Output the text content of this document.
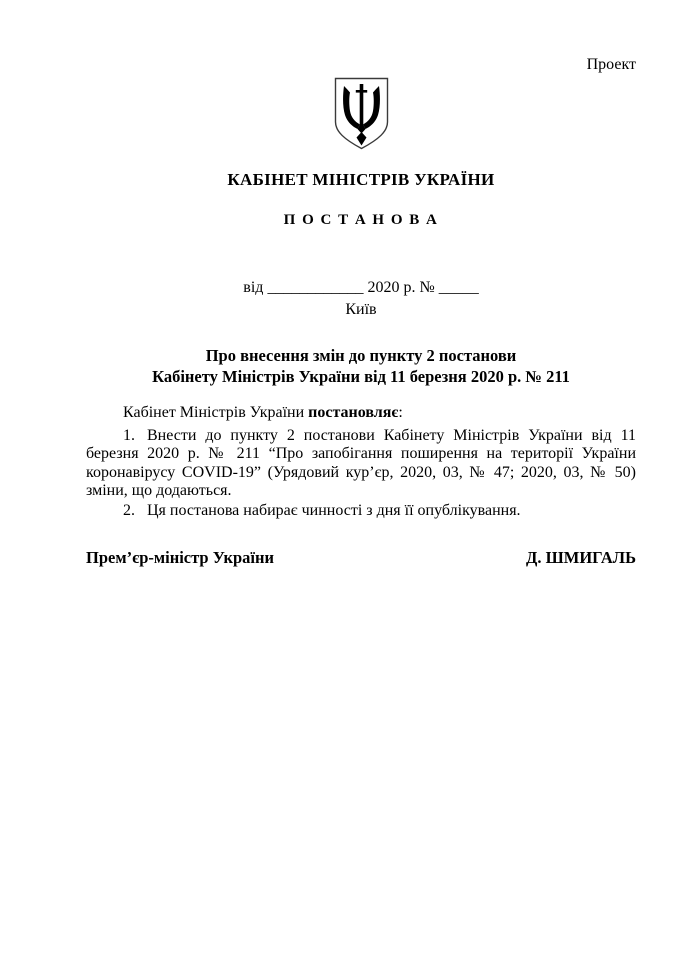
Проект
КАБІНЕТ МІНІСТРІВ УКРАЇНИ
П О С Т А Н О В А
від ____________ 2020 р. № _____
Київ
Про внесення змін до пункту 2 постанови
Кабінету Міністрів України від 11 березня 2020 р. № 211

Кабінет Міністрів України постановляє:

1. Внести до пункту 2 постанови Кабінету Міністрів України від 11 березня 2020 р. № 211 “Про запобігання поширення на території України коронавірусу COVID-19” (Урядовий кур’єр, 2020, 03, № 47; 2020, 03, № 50) зміни, що додаються.

2. Ця постанова набирає чинності з дня її опублікування.

Прем’єр-міністр України	Д. ШМИГАЛЬ
